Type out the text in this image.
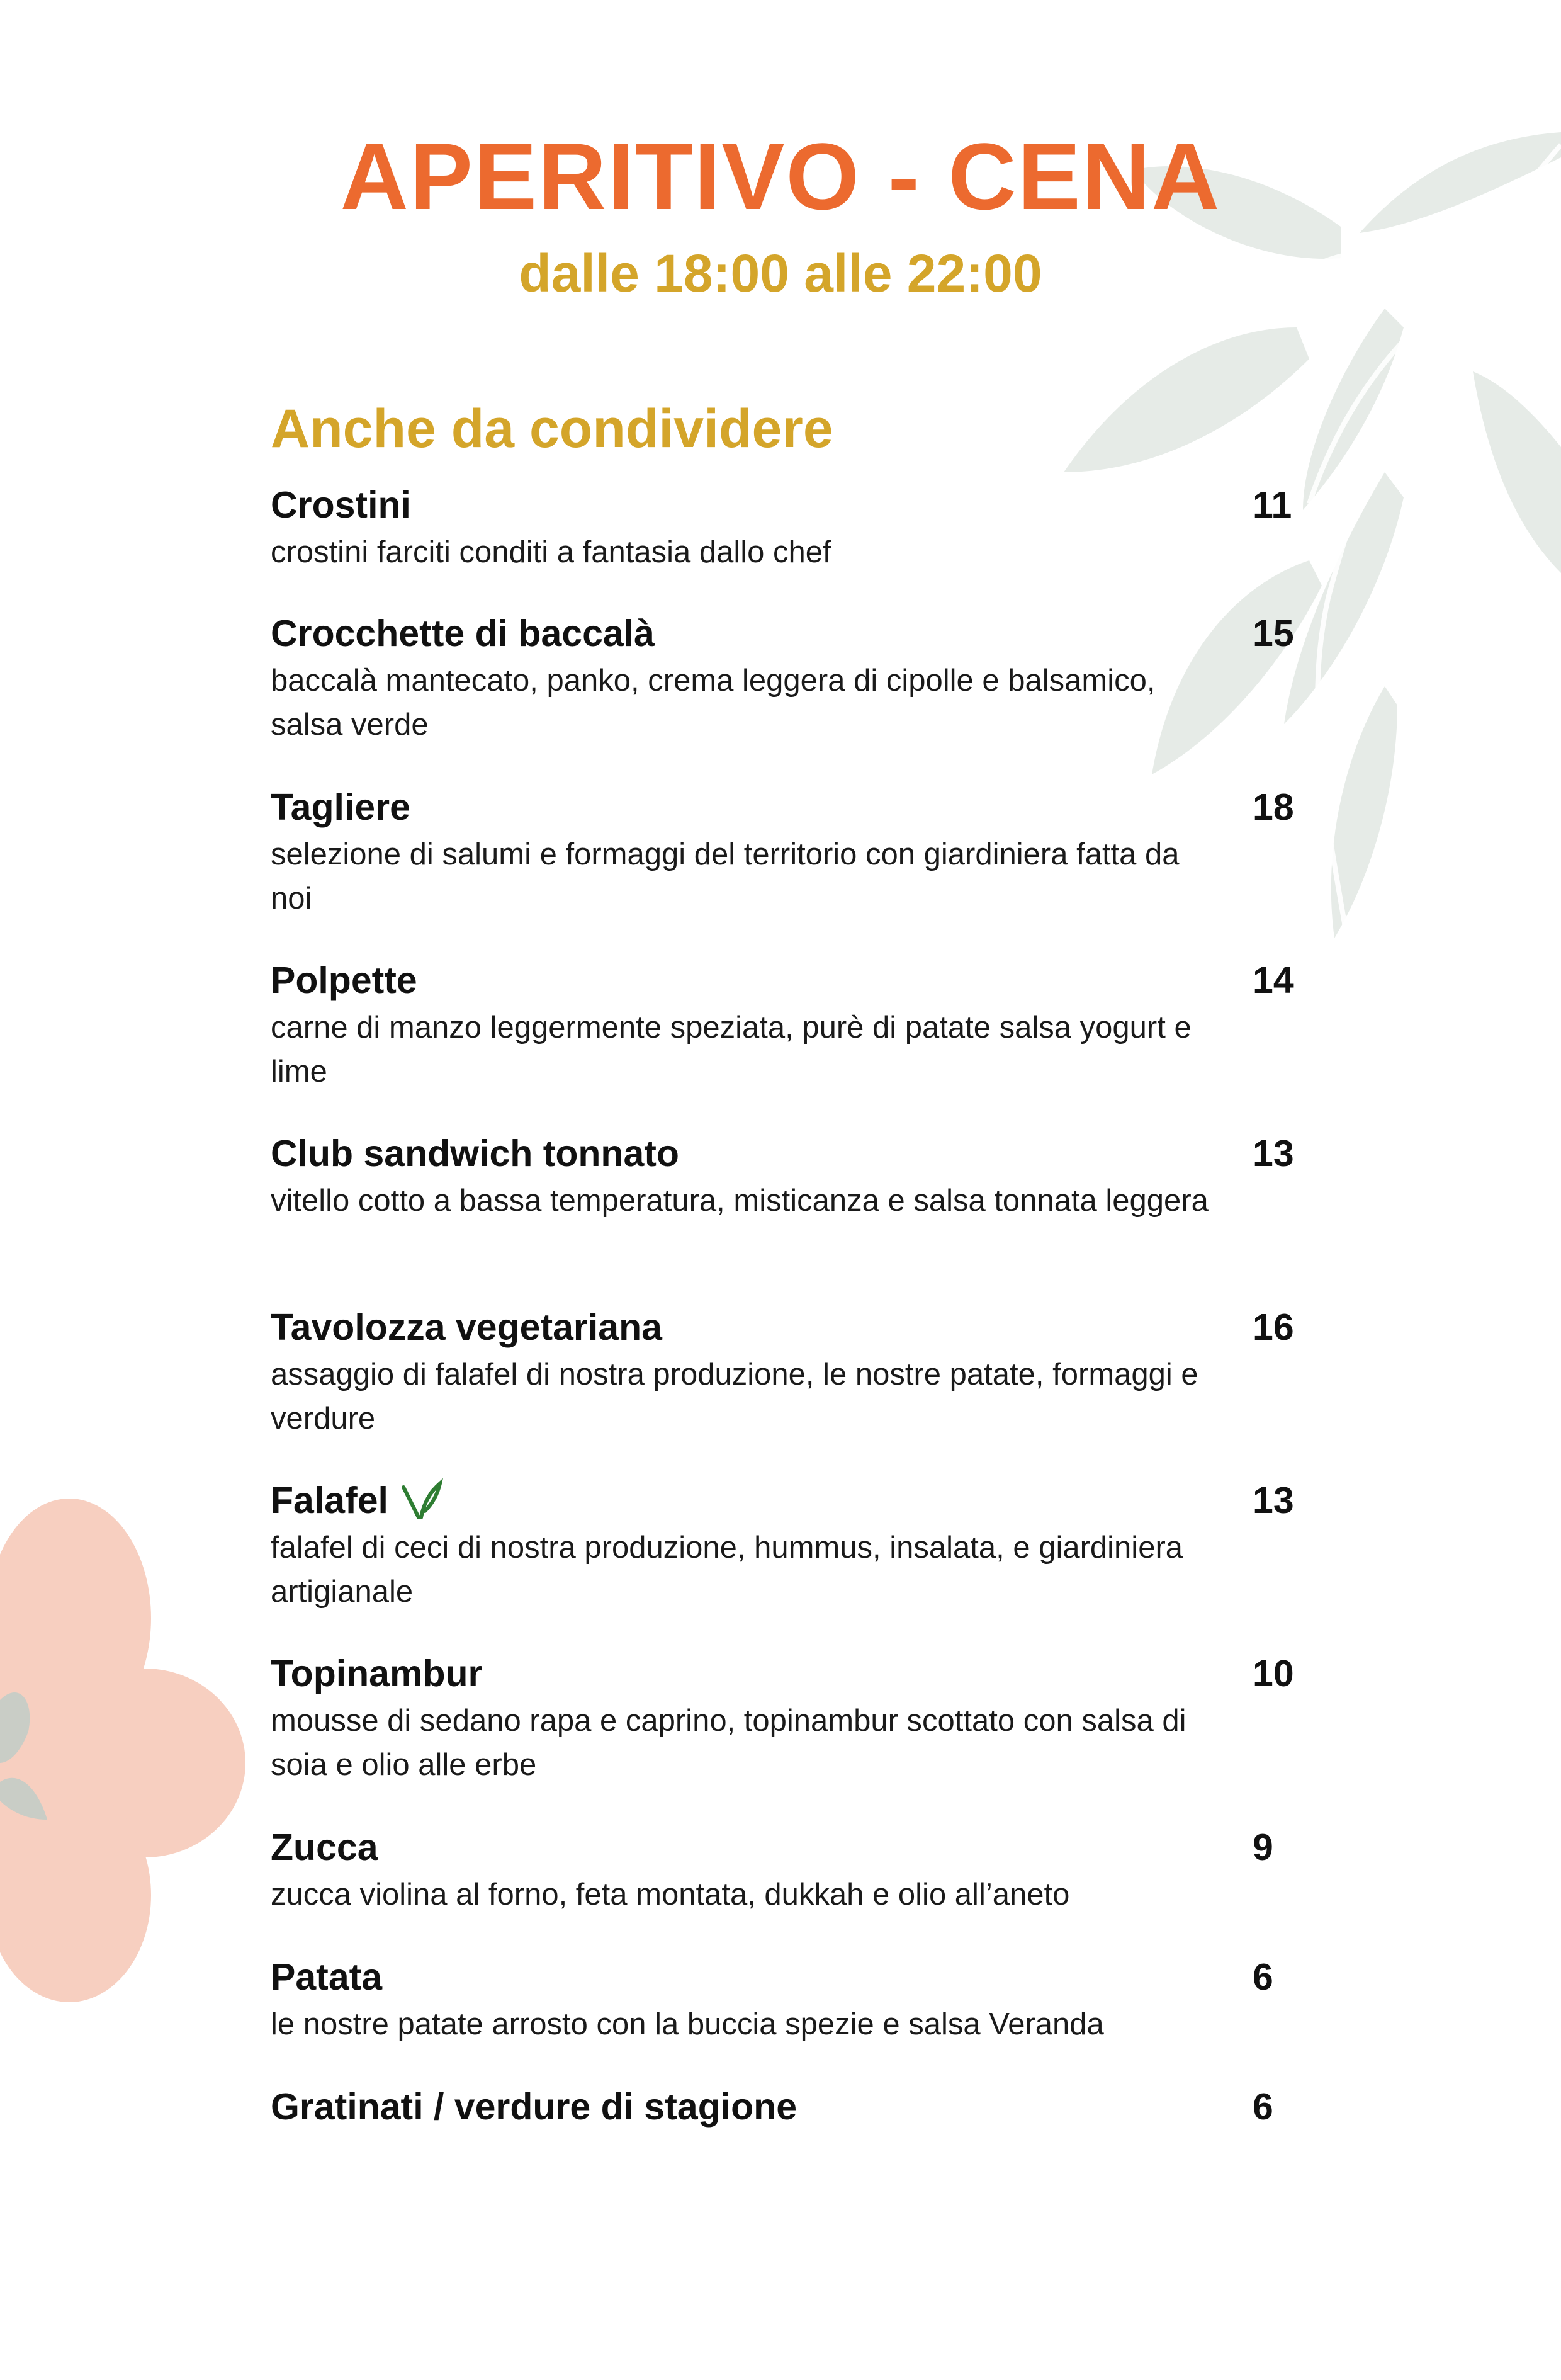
APERITIVO - CENA
dalle 18:00 alle 22:00
Anche da condividere
Crostini
crostini farciti conditi a fantasia dallo chef
11
Crocchette di baccalà
baccalà mantecato, panko, crema leggera di cipolle e balsamico, salsa verde
15
Tagliere
selezione di salumi e formaggi del territorio con giardiniera fatta da noi
18
Polpette
carne di manzo leggermente speziata, purè di patate salsa yogurt e lime
14
Club sandwich tonnato
vitello cotto a bassa temperatura, misticanza e salsa tonnata leggera
13
Tavolozza vegetariana
assaggio di falafel di nostra produzione, le nostre patate, formaggi e verdure
16
Falafel
falafel di ceci di nostra produzione, hummus, insalata, e giardiniera artigianale
13
Topinambur
mousse di sedano rapa e caprino, topinambur scottato con salsa di soia e olio alle erbe
10
Zucca
zucca violina al forno, feta montata, dukkah e olio all’aneto
9
Patata
le nostre patate arrosto con la buccia spezie e salsa Veranda
6
Gratinati / verdure di stagione	6
